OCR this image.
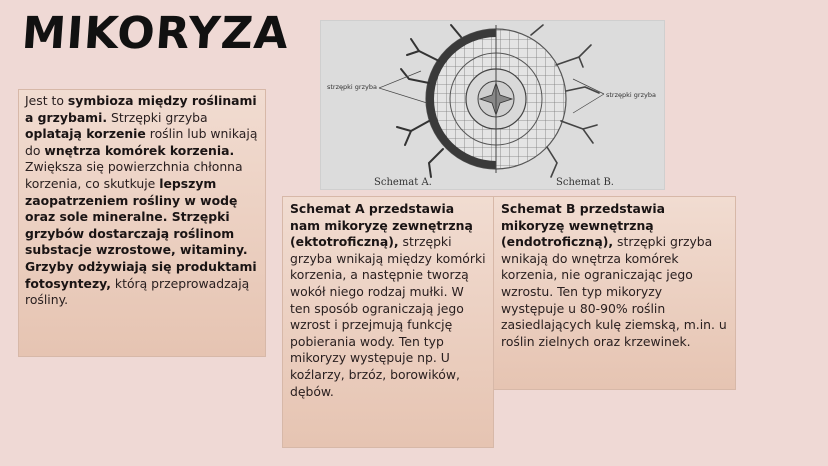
MIKORYZA
strzępki grzyba
strzępki grzyba
Schemat A.	Schemat B.

Jest to symbioza między roślinami a grzybami. Strzępki grzyba oplatają korzenie roślin lub wnikają do wnętrza komórek korzenia. Zwiększa się powierzchnia chłonna korzenia, co skutkuje lepszym zaopatrzeniem rośliny w wodę oraz sole mineralne. Strzępki grzybów dostarczają roślinom substacje wzrostowe, witaminy. Grzyby odżywiają się produktami fotosyntezy, którą przeprowadzają rośliny.

Schemat A przedstawia nam mikoryzę zewnętrzną (ektotroficzną), strzępki grzyba wnikają między komórki korzenia, a następnie tworzą wokół niego rodzaj mułki. W ten sposób ograniczają jego wzrost i przejmują funkcję pobierania wody. Ten typ mikoryzy występuje np. U koźlarzy, brzóz, borowików, dębów.

Schemat B przedstawia mikoryzę wewnętrzną (endotroficzną), strzępki grzyba wnikają do wnętrza komórek korzenia, nie ograniczając jego wzrostu. Ten typ mikoryzy występuje u 80-90% roślin zasiedlających kulę ziemską, m.in. u roślin zielnych oraz krzewinek.
